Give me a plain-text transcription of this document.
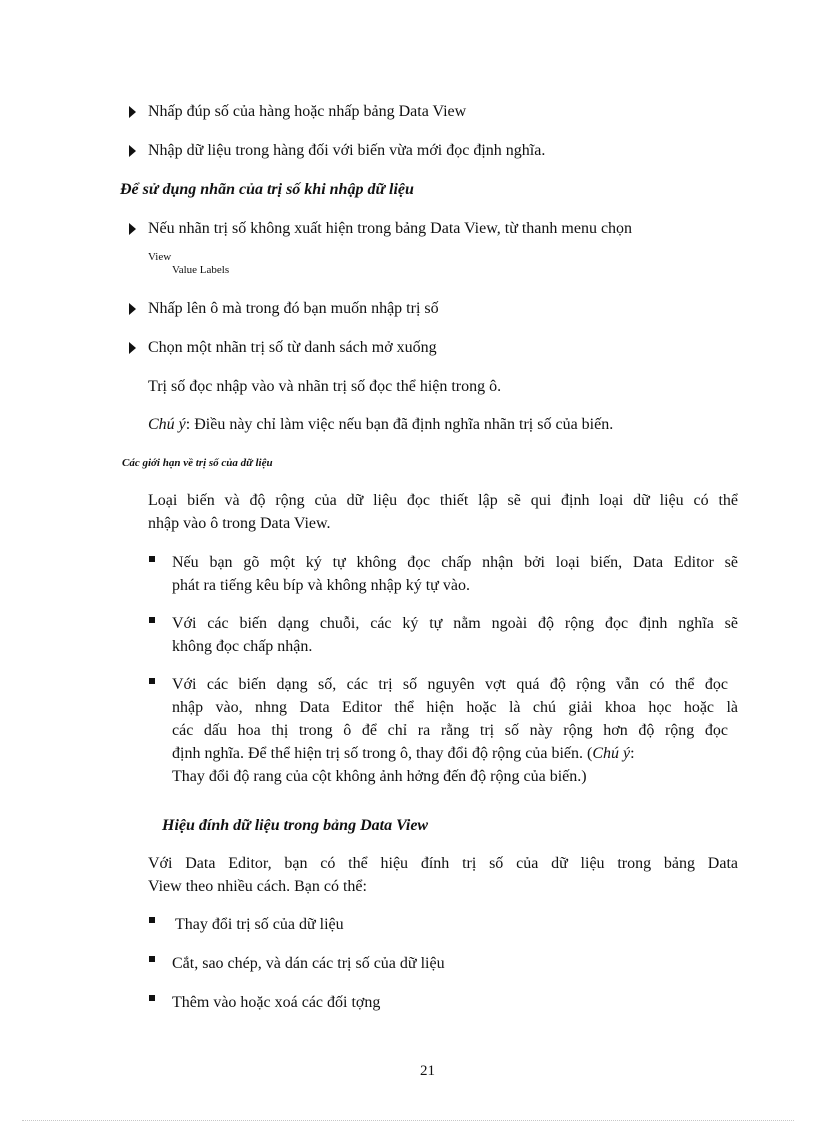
Nhấp đúp số của hàng hoặc nhấp bảng Data View
Nhập dữ liệu trong hàng đối với biến vừa mới đọc định nghĩa.
Để sử dụng nhãn của trị số khi nhập dữ liệu
Nếu nhãn trị số không xuất hiện trong bảng Data View, từ thanh menu chọn
View
Value Labels
Nhấp lên ô mà trong đó bạn muốn nhập trị số
Chọn một nhãn trị số từ danh sách mở xuống
Trị số đọc nhập vào và nhãn trị số đọc thể hiện trong ô.
Chú ý: Điều này chỉ làm việc nếu bạn đã định nghĩa nhãn trị số của biến.
Các giới hạn về trị số của dữ liệu
Loại biến và độ rộng của dữ liệu đọc thiết lập sẽ qui định loại dữ liệu có thể
nhập vào ô trong Data View.
Nếu bạn gõ một ký tự không đọc chấp nhận bởi loại biến, Data Editor sẽ
phát ra tiếng kêu bíp và không nhập ký tự vào.
Với các biến dạng chuỗi, các ký tự nằm ngoài độ rộng đọc định nghĩa sẽ
không đọc chấp nhận.
Với các biến dạng số, các trị số nguyên vợt quá độ rộng vẫn có thể đọc
nhập vào, nhng Data Editor thể hiện hoặc là chú giải khoa học hoặc là
các dấu hoa thị trong ô để chỉ ra rằng trị số này rộng hơn độ rộng đọc
định nghĩa. Để thể hiện trị số trong ô, thay đổi độ rộng của biến. (Chú ý:
Thay đổi độ rang của cột không ảnh hởng đến độ rộng của biến.)
Hiệu đính dữ liệu trong bảng Data View
Với Data Editor, bạn có thể hiệu đính trị số của dữ liệu trong bảng Data
View theo nhiều cách. Bạn có thể:
Thay đổi trị số của dữ liệu
Cắt, sao chép, và dán các trị số của dữ liệu
Thêm vào hoặc xoá các đối tợng
21
